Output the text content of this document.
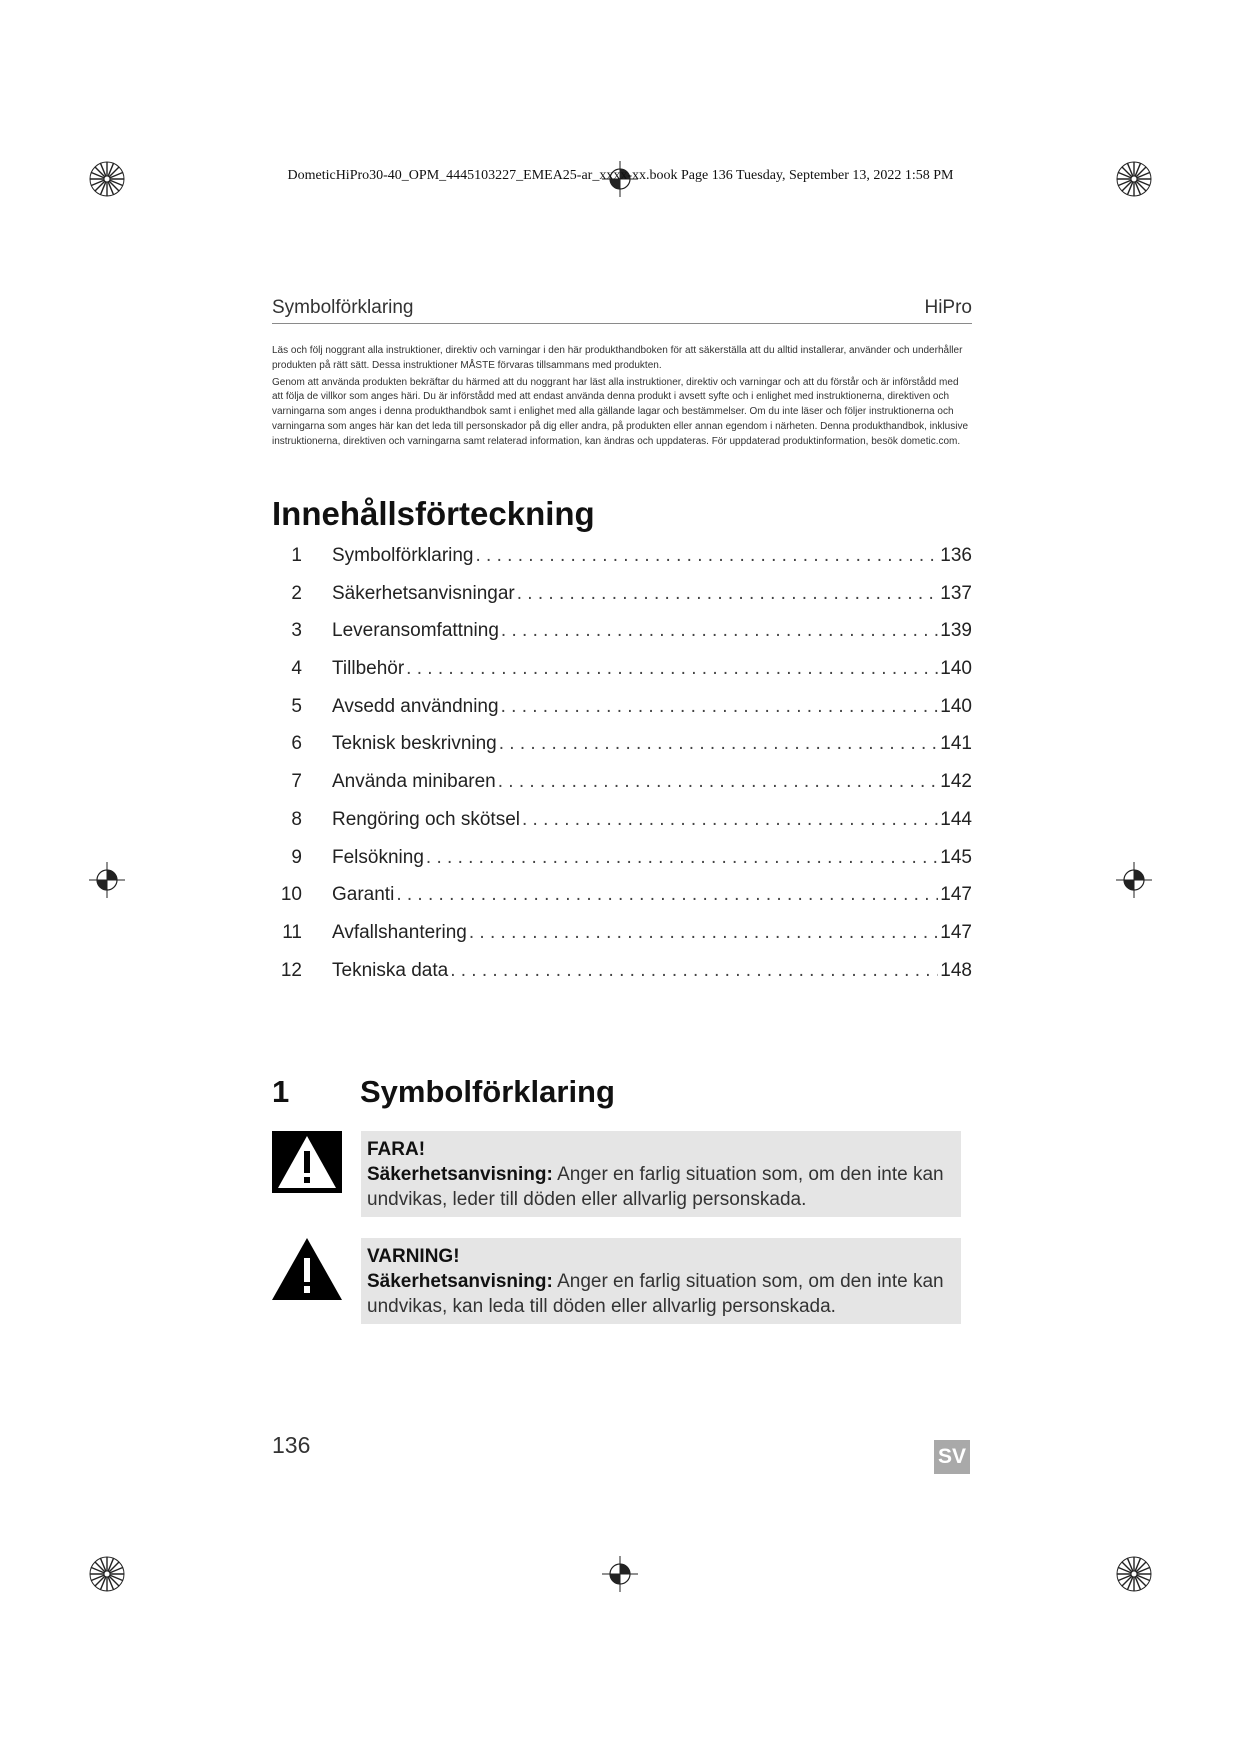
DometicHiPro30-40_OPM_4445103227_EMEA25-ar_xxxx-xx.book Page 136 Tuesday, September 13, 2022 1:58 PM
Symbolförklaring	HiPro

Läs och följ noggrant alla instruktioner, direktiv och varningar i den här produkthandboken för att säkerställa att du alltid installerar, använder och underhåller produkten på rätt sätt. Dessa instruktioner MÅSTE förvaras tillsammans med produkten.

Genom att använda produkten bekräftar du härmed att du noggrant har läst alla instruktioner, direktiv och varningar och att du förstår och är införstådd med att följa de villkor som anges häri. Du är införstådd med att endast använda denna produkt i avsett syfte och i enlighet med instruktionerna, direktiven och varningarna som anges i denna produkthandbok samt i enlighet med alla gällande lagar och bestämmelser. Om du inte läser och följer instruktionerna och varningarna som anges här kan det leda till personskador på dig eller andra, på produkten eller annan egendom i närheten. Denna produkthandbok, inklusive instruktionerna, direktiven och varningarna samt relaterad information, kan ändras och uppdateras. För uppdaterad produktinformation, besök dometic.com.

Innehållsförteckning
1 Symbolförklaring . . .	136
2 Säkerhetsanvisningar . . .	137
3 Leveransomfattning . . .	139
4 Tillbehör . . .	140
5 Avsedd användning . . .	140
6 Teknisk beskrivning . . .	141
7 Använda minibaren . . .	142
8 Rengöring och skötsel . . .	144
9 Felsökning . . .	145
10 Garanti . . .	147
11 Avfallshantering . . .	147
12 Tekniska data . . .	148
1 Symbolförklaring
FARA!
Säkerhetsanvisning: Anger en farlig situation som, om den inte kan undvikas, leder till döden eller allvarlig personskada.
VARNING!
Säkerhetsanvisning: Anger en farlig situation som, om den inte kan undvikas, kan leda till döden eller allvarlig personskada.
136	SV
